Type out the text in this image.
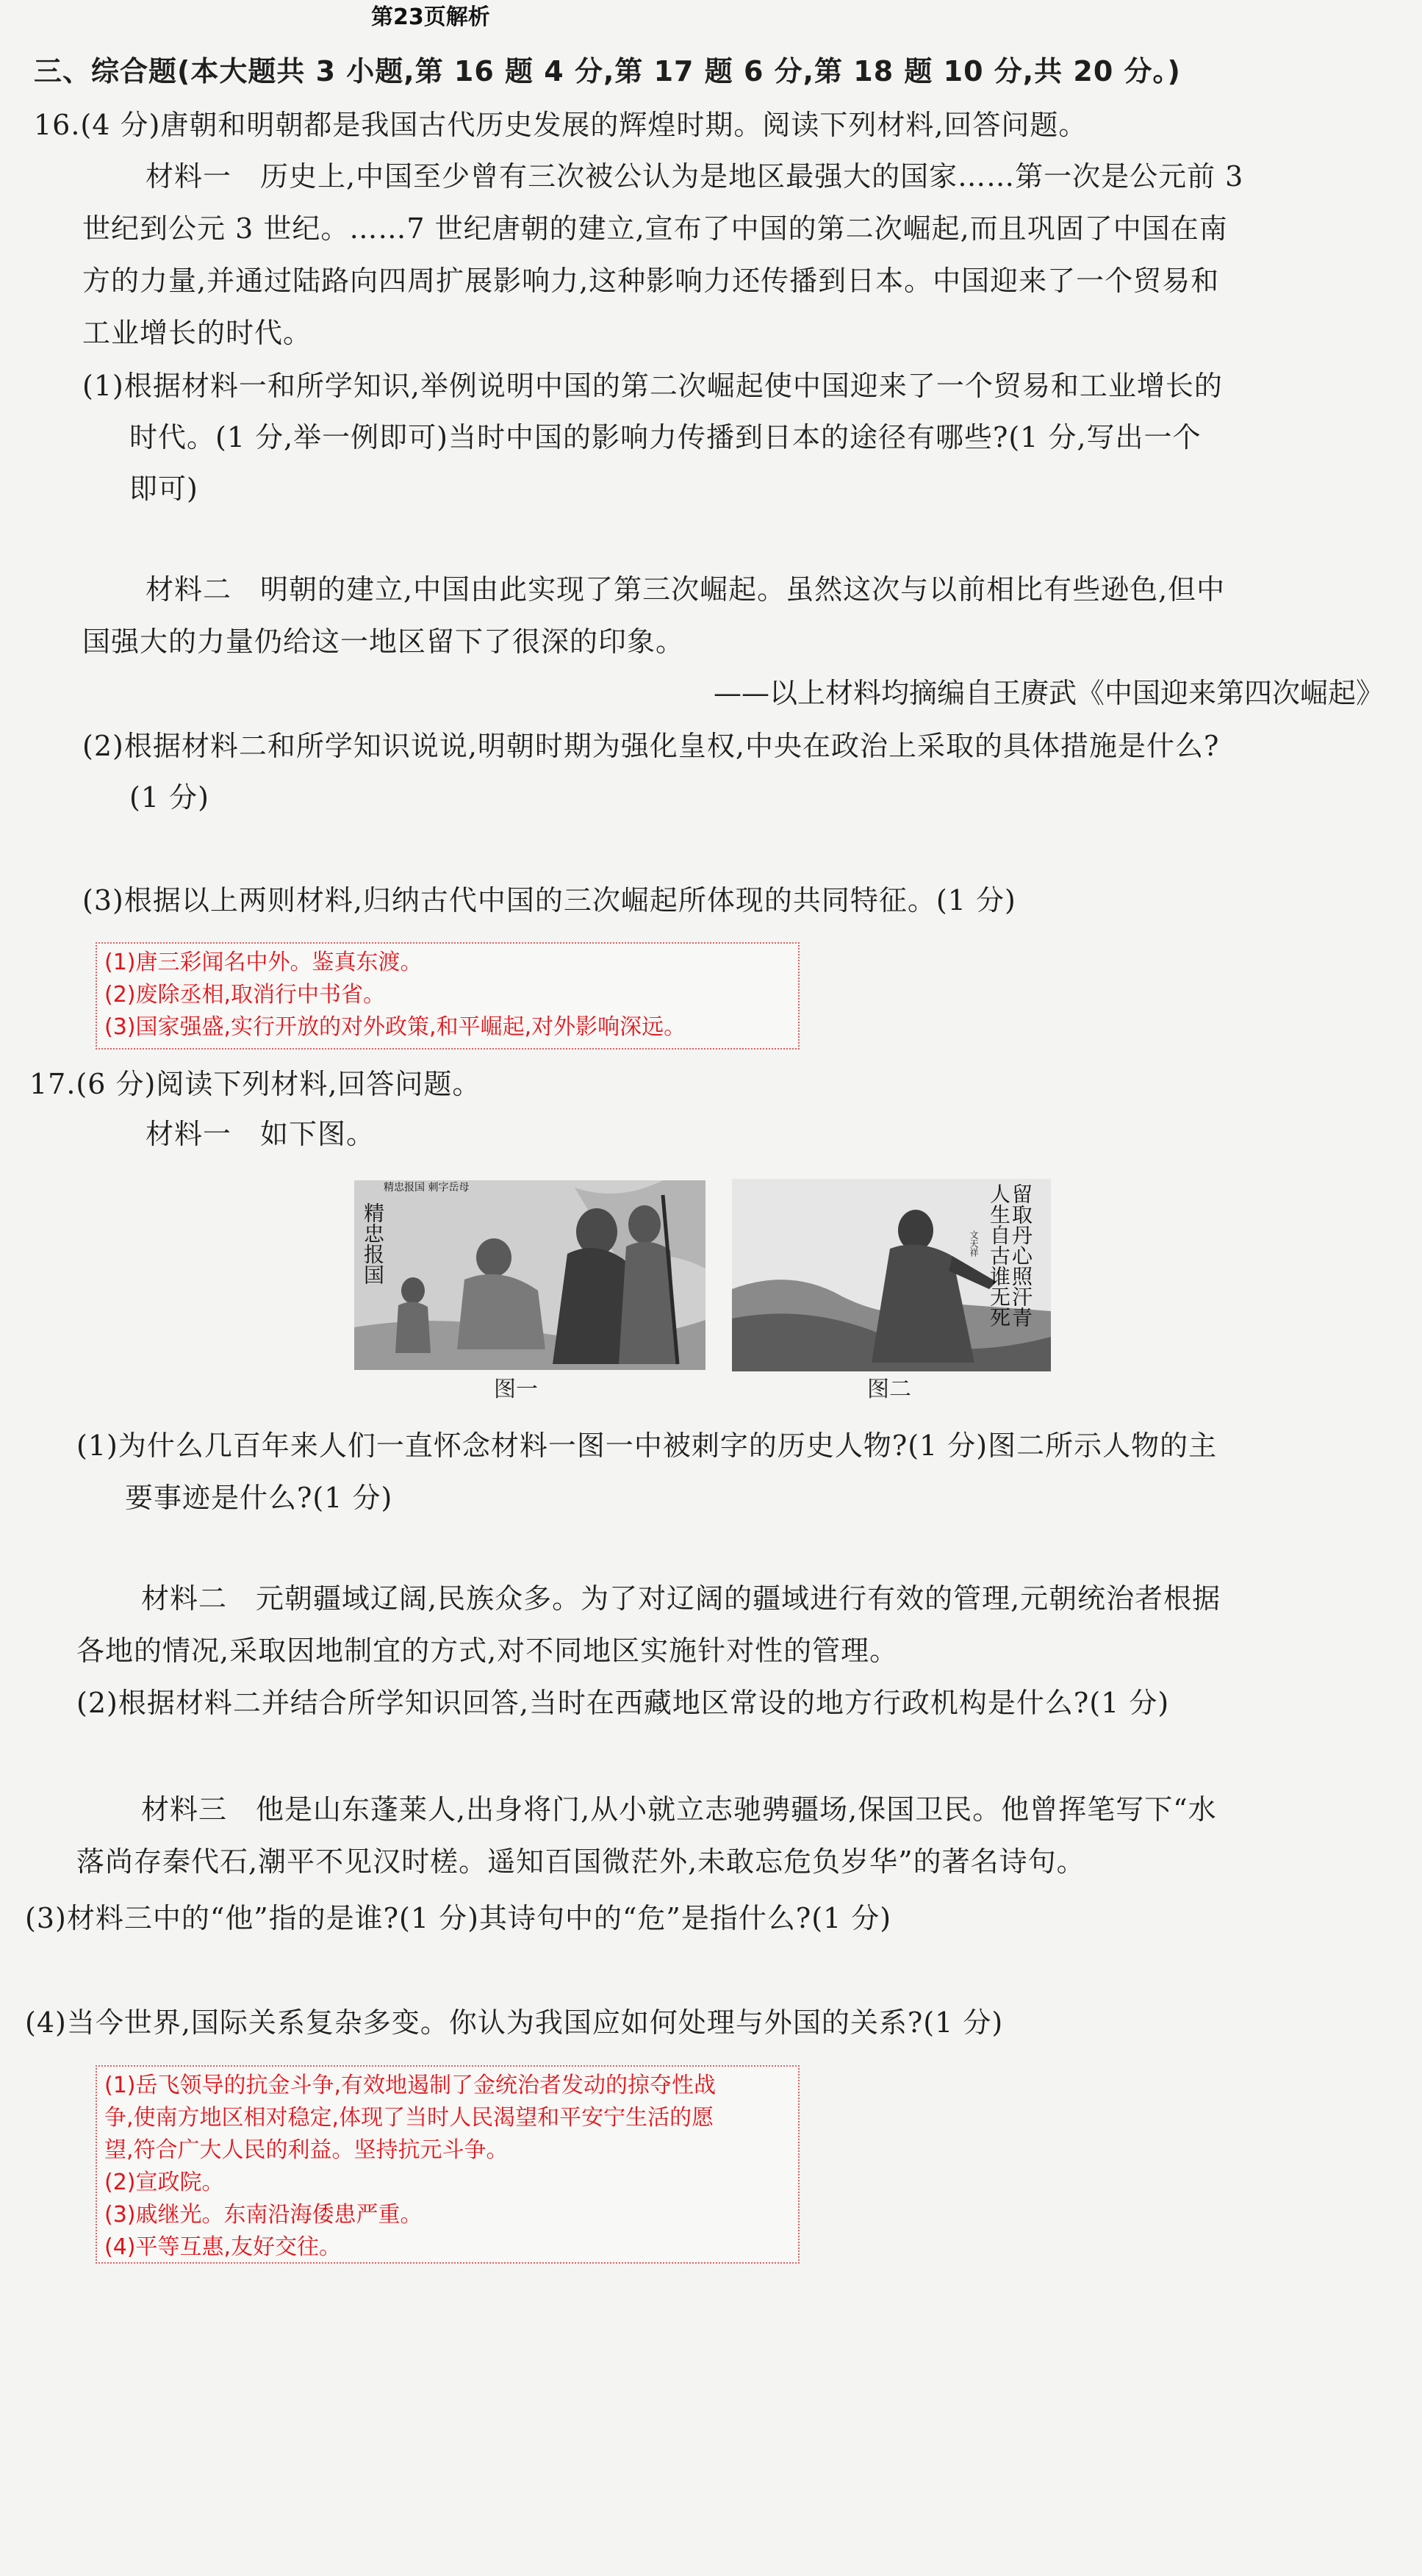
第23页解析
三、综合题(本大题共 3 小题,第 16 题 4 分,第 17 题 6 分,第 18 题 10 分,共 20 分。)
16.(4 分)唐朝和明朝都是我国古代历史发展的辉煌时期。阅读下列材料,回答问题。
材料一　历史上,中国至少曾有三次被公认为是地区最强大的国家……第一次是公元前 3
世纪到公元 3 世纪。……7 世纪唐朝的建立,宣布了中国的第二次崛起,而且巩固了中国在南
方的力量,并通过陆路向四周扩展影响力,这种影响力还传播到日本。中国迎来了一个贸易和
工业增长的时代。
(1)根据材料一和所学知识,举例说明中国的第二次崛起使中国迎来了一个贸易和工业增长的
时代。(1 分,举一例即可)当时中国的影响力传播到日本的途径有哪些?(1 分,写出一个
即可)
材料二　明朝的建立,中国由此实现了第三次崛起。虽然这次与以前相比有些逊色,但中
国强大的力量仍给这一地区留下了很深的印象。
——以上材料均摘编自王赓武《中国迎来第四次崛起》
(2)根据材料二和所学知识说说,明朝时期为强化皇权,中央在政治上采取的具体措施是什么?
(1 分)
(3)根据以上两则材料,归纳古代中国的三次崛起所体现的共同特征。(1 分)
(1)唐三彩闻名中外。鉴真东渡。
(2)废除丞相,取消行中书省。
(3)国家强盛,实行开放的对外政策,和平崛起,对外影响深远。
17.(6 分)阅读下列材料,回答问题。
材料一　如下图。
精忠报国
精忠报国 刺字岳母
图一
留取丹心照汗青
人生自古谁无死
文天祥
图二
(1)为什么几百年来人们一直怀念材料一图一中被刺字的历史人物?(1 分)图二所示人物的主
要事迹是什么?(1 分)
材料二　元朝疆域辽阔,民族众多。为了对辽阔的疆域进行有效的管理,元朝统治者根据
各地的情况,采取因地制宜的方式,对不同地区实施针对性的管理。
(2)根据材料二并结合所学知识回答,当时在西藏地区常设的地方行政机构是什么?(1 分)
材料三　他是山东蓬莱人,出身将门,从小就立志驰骋疆场,保国卫民。他曾挥笔写下“水
落尚存秦代石,潮平不见汉时槎。遥知百国微茫外,未敢忘危负岁华”的著名诗句。
(3)材料三中的“他”指的是谁?(1 分)其诗句中的“危”是指什么?(1 分)
(4)当今世界,国际关系复杂多变。你认为我国应如何处理与外国的关系?(1 分)
(1)岳飞领导的抗金斗争,有效地遏制了金统治者发动的掠夺性战
争,使南方地区相对稳定,体现了当时人民渴望和平安宁生活的愿
望,符合广大人民的利益。坚持抗元斗争。
(2)宣政院。
(3)戚继光。东南沿海倭患严重。
(4)平等互惠,友好交往。
